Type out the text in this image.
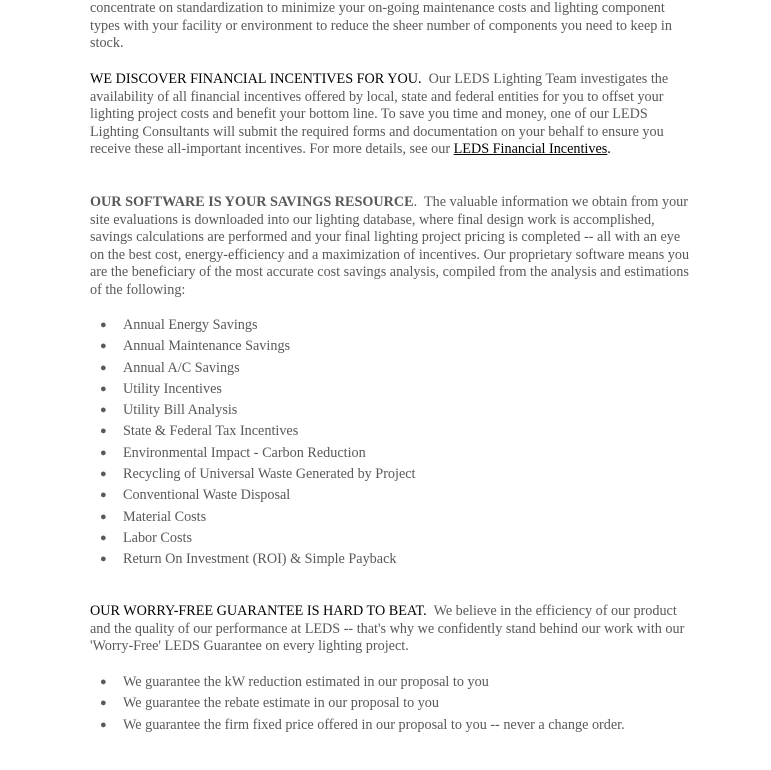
concentrate on standardization to minimize your on-going maintenance costs and lighting component types with your facility or environment to reduce the sheer number of components you need to keep in stock.

WE DISCOVER FINANCIAL INCENTIVES FOR YOU. Our LEDS Lighting Team investigates the availability of all financial incentives offered by local, state and federal entities for you to offset your lighting project costs and benefit your bottom line. To save you time and money, one of our LEDS Lighting Consultants will submit the required forms and documentation on your behalf to ensure you receive these all-important incentives. For more details, see our LEDS Financial Incentives.

OUR SOFTWARE IS YOUR SAVINGS RESOURCE. The valuable information we obtain from your site evaluations is downloaded into our lighting database, where final design work is accomplished, savings calculations are performed and your final lighting project pricing is completed -- all with an eye on the best cost, energy-efficiency and a maximization of incentives. Our proprietary software means you are the beneficiary of the most accurate cost savings analysis, compiled from the analysis and estimations of the following:

● Annual Energy Savings
● Annual Maintenance Savings
● Annual A/C Savings
● Utility Incentives
● Utility Bill Analysis
● State & Federal Tax Incentives
● Environmental Impact - Carbon Reduction
● Recycling of Universal Waste Generated by Project
● Conventional Waste Disposal
● Material Costs
● Labor Costs
● Return On Investment (ROI) & Simple Payback

OUR WORRY-FREE GUARANTEE IS HARD TO BEAT. We believe in the efficiency of our product and the quality of our performance at LEDS -- that's why we confidently stand behind our work with our 'Worry-Free' LEDS Guarantee on every lighting project.

● We guarantee the kW reduction estimated in our proposal to you
● We guarantee the rebate estimate in our proposal to you
● We guarantee the firm fixed price offered in our proposal to you -- never a change order.
